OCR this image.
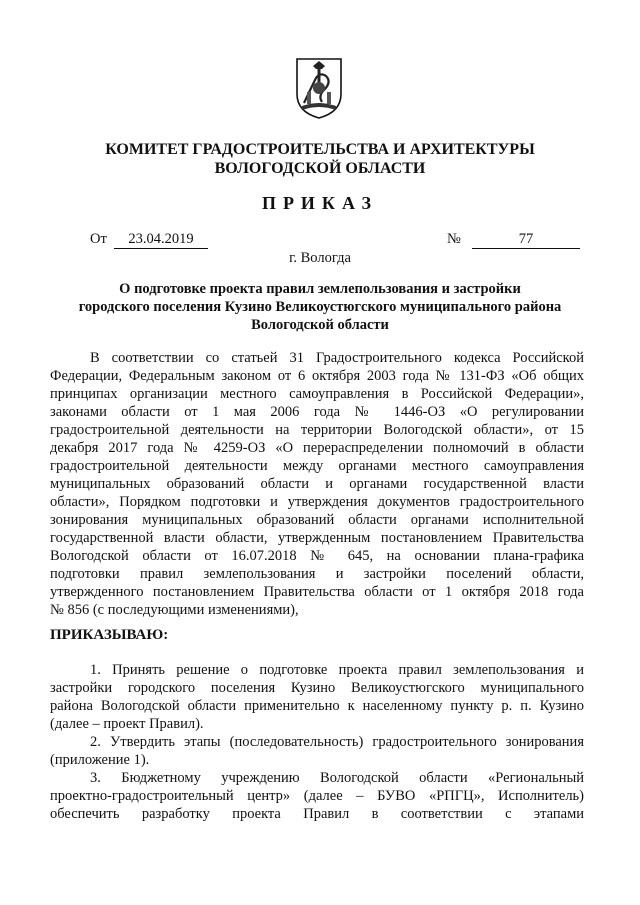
КОМИТЕТ ГРАДОСТРОИТЕЛЬСТВА И АРХИТЕКТУРЫ
ВОЛОГОДСКОЙ ОБЛАСТИ
ПРИКАЗ
От	23.04.2019	№	77
г. Вологда
О подготовке проекта правил землепользования и застройки
городского поселения Кузино Великоустюгского муниципального района
Вологодской области
В соответствии со статьей 31 Градостроительного кодекса Российской
Федерации, Федеральным законом от 6 октября 2003 года № 131-ФЗ «Об общих
принципах организации местного самоуправления в Российской Федерации»,
законами области от 1 мая 2006 года № 1446-ОЗ «О регулировании
градостроительной деятельности на территории Вологодской области», от 15
декабря 2017 года № 4259-ОЗ «О перераспределении полномочий в области
градостроительной деятельности между органами местного самоуправления
муниципальных образований области и органами государственной власти
области», Порядком подготовки и утверждения документов градостроительного
зонирования муниципальных образований области органами исполнительной
государственной власти области, утвержденным постановлением Правительства
Вологодской области от 16.07.2018 № 645, на основании плана-графика
подготовки правил землепользования и застройки поселений области,
утвержденного постановлением Правительства области от 1 октября 2018 года
№ 856 (с последующими изменениями),
ПРИКАЗЫВАЮ:
1. Принять решение о подготовке проекта правил землепользования и
застройки городского поселения Кузино Великоустюгского муниципального
района Вологодской области применительно к населенному пункту р. п. Кузино
(далее – проект Правил).
2. Утвердить этапы (последовательность) градостроительного зонирования
(приложение 1).
3. Бюджетному учреждению Вологодской области «Региональный
проектно-градостроительный центр» (далее – БУВО «РПГЦ», Исполнитель)
обеспечить разработку проекта Правил в соответствии с этапами
